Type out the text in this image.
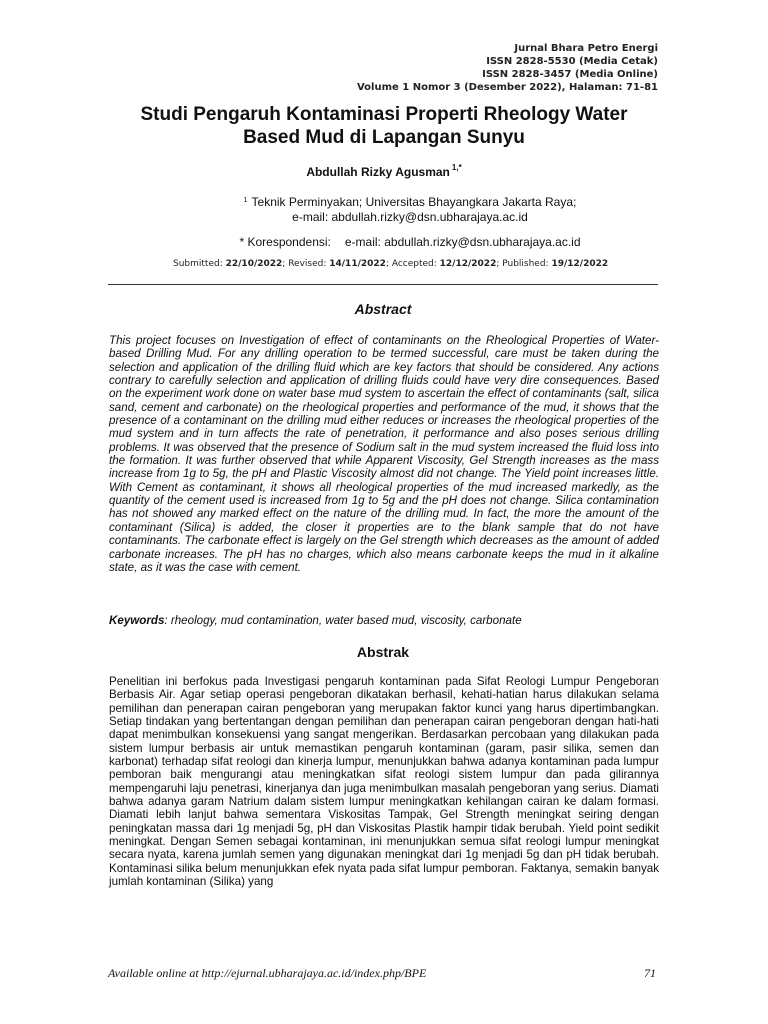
Jurnal Bhara Petro Energi
ISSN 2828-5530 (Media Cetak)
ISSN 2828-3457 (Media Online)
Volume 1 Nomor 3 (Desember 2022), Halaman: 71-81
Studi Pengaruh Kontaminasi Properti Rheology Water
Based Mud di Lapangan Sunyu
Abdullah Rizky Agusman $^{1,*}$
$^1$ Teknik Perminyakan; Universitas Bhayangkara Jakarta Raya;
e-mail: abdullah.rizky@dsn.ubharajaya.ac.id
* Korespondensi: e-mail: abdullah.rizky@dsn.ubharajaya.ac.id
Submitted: 22/10/2022; Revised: 14/11/2022; Accepted: 12/12/2022; Published: 19/12/2022
Abstract
This project focuses on Investigation of effect of contaminants on the Rheological Properties of Water-based Drilling Mud. For any drilling operation to be termed successful, care must be taken during the selection and application of the drilling fluid which are key factors that should be considered. Any actions contrary to carefully selection and application of drilling fluids could have very dire consequences. Based on the experiment work done on water base mud system to ascertain the effect of contaminants (salt, silica sand, cement and carbonate) on the rheological properties and performance of the mud, it shows that the presence of a contaminant on the drilling mud either reduces or increases the rheological properties of the mud system and in turn affects the rate of penetration, it performance and also poses serious drilling problems. It was observed that the presence of Sodium salt in the mud system increased the fluid loss into the formation. It was further observed that while Apparent Viscosity, Gel Strength increases as the mass increase from 1g to 5g, the pH and Plastic Viscosity almost did not change. The Yield point increases little. With Cement as contaminant, it shows all rheological properties of the mud increased markedly, as the quantity of the cement used is increased from 1g to 5g and the pH does not change. Silica contamination has not showed any marked effect on the nature of the drilling mud. In fact, the more the amount of the contaminant (Silica) is added, the closer it properties are to the blank sample that do not have contaminants. The carbonate effect is largely on the Gel strength which decreases as the amount of added carbonate increases. The pH has no charges, which also means carbonate keeps the mud in it alkaline state, as it was the case with cement.
Keywords: rheology, mud contamination, water based mud, viscosity, carbonate
Abstrak
Penelitian ini berfokus pada Investigasi pengaruh kontaminan pada Sifat Reologi Lumpur Pengeboran Berbasis Air. Agar setiap operasi pengeboran dikatakan berhasil, kehati-hatian harus dilakukan selama pemilihan dan penerapan cairan pengeboran yang merupakan faktor kunci yang harus dipertimbangkan. Setiap tindakan yang bertentangan dengan pemilihan dan penerapan cairan pengeboran dengan hati-hati dapat menimbulkan konsekuensi yang sangat mengerikan. Berdasarkan percobaan yang dilakukan pada sistem lumpur berbasis air untuk memastikan pengaruh kontaminan (garam, pasir silika, semen dan karbonat) terhadap sifat reologi dan kinerja lumpur, menunjukkan bahwa adanya kontaminan pada lumpur pemboran baik mengurangi atau meningkatkan sifat reologi sistem lumpur dan pada gilirannya mempengaruhi laju penetrasi, kinerjanya dan juga menimbulkan masalah pengeboran yang serius. Diamati bahwa adanya garam Natrium dalam sistem lumpur meningkatkan kehilangan cairan ke dalam formasi. Diamati lebih lanjut bahwa sementara Viskositas Tampak, Gel Strength meningkat seiring dengan peningkatan massa dari 1g menjadi 5g, pH dan Viskositas Plastik hampir tidak berubah. Yield point sedikit meningkat. Dengan Semen sebagai kontaminan, ini menunjukkan semua sifat reologi lumpur meningkat secara nyata, karena jumlah semen yang digunakan meningkat dari 1g menjadi 5g dan pH tidak berubah. Kontaminasi silika belum menunjukkan efek nyata pada sifat lumpur pemboran. Faktanya, semakin banyak jumlah kontaminan (Silika) yang
Available online at http://ejurnal.ubharajaya.ac.id/index.php/BPE	71
